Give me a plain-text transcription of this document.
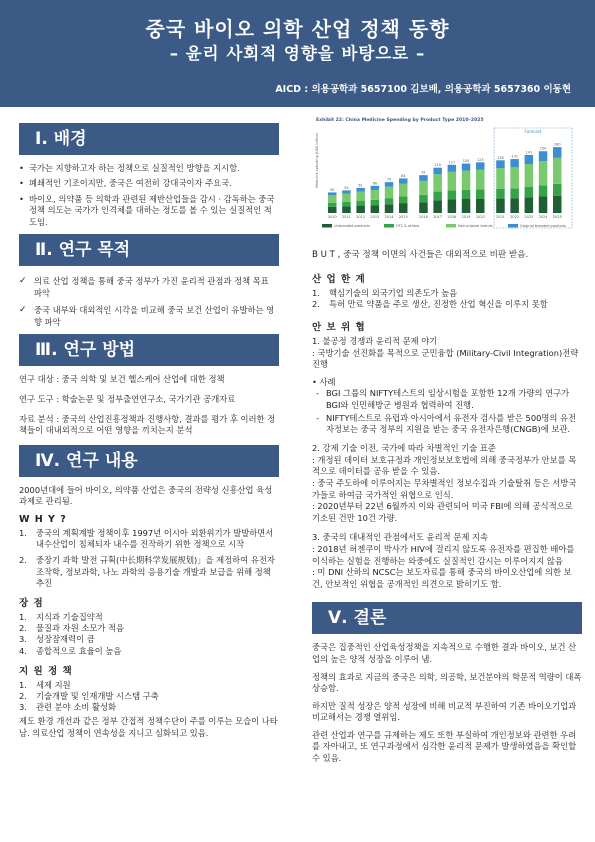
중국 바이오 의학 산업 정책 동향
– 윤리 사회적 영향을 바탕으로 –
AICD : 의용공학과 5657100 김보배, 의용공학과 5657360 이동현
Ⅰ. 배경
• 국가는 지향하고자 하는 정책으로 실질적인 방향을 지시함.
• 폐쇄적인 기조이지만, 중국은 여전히 강대국이자 주요국.
• 바이오, 의약품 등 의학과 관련된 제반산업들을 감시 · 감독하는 중국 정책 의도는 국가가 인격체를 대하는 정도를 볼 수 있는 실질적인 척도임.
Ⅱ. 연구 목적
✓ 의료 산업 정책을 통해 중국 정부가 가진 윤리적 관점과 정책 목표 파악
✓ 중국 내부와 대외적인 시각을 비교해 중국 보건 산업이 유발하는 영향 파악
Ⅲ. 연구 방법
연구 대상 : 중국 의학 및 보건 헬스케어 산업에 대한 정책
연구 도구 : 학술논문 및 정부출연연구소, 국가기관 공개자료
자료 분석 : 중국의 산업진흥정책과 진행사항, 결과를 평가 후 이러한 정책들이 대내외적으로 어떤 영향을 끼치는지 분석
Ⅳ. 연구 내용
2000년대에 들어 바이오, 의약품 산업은 중국의 전략성 신흥산업 육성 과제로 관리됨.
W H Y ?
1. 중국의 계획계발 정책이후 1997년 이시아 외환위기가 발발하면서 내수산업이 침체되자 내수를 진작하기 위한 정책으로 시작
2. 중장기 과학 발전 규획(中长期科学发展规划)」을 제정하여 유전자 조작학, 정보과학, 나노 과학의 응용기술 개발과 보급을 위해 정책 추진
장 점
1. 지식과 기술집약적
2. 물질과 자원 소모가 적음
3. 성장잠재력이 큼
4. 종합적으로 효율이 높음
지 원 정 책
1. 세제 지원
2. 기술개발 및 인재개발 시스템 구축
3. 관련 분야 소비 활성화
제도 환경 개선과 같은 정부 간접적 정책수단이 주를 이루는 모습이 나타남. 의료산업 정책이 연속성을 지니고 심화되고 있음.
Exhibit 22: China Medicine Spending by Product Type 2010–2025
50
2010
55
2011
61
2012
66
2013
75
2014
84
2015
92
2016
110
2017
117
2018
120
2019
123
2020
128
2021
131
2022
141
2023
150
2024
160
2025
Medicine spending (US$ billion)
Forecast
Unbranded products	OTC & others	Non-original brands	Original branded products
B U T , 중국 정책 이면의 사건들은 대외적으로 비판 받음.
산 업 한 계
1. 핵심기술의 외국기업 의존도가 높음
2. 특허 만료 약품을 주로 생산, 진정한 산업 혁신을 이루지 못함
안 보 위 협
1. 불공정 경쟁과 윤리적 문제 야기
: 국방기술 선진화를 목적으로 군민융합 (Military-Civil Integration)전략 진행
• 사례
- BGI 그룹의 NIFTY테스트의 임상시험을 포함한 12개 가량의 연구가 BGI와 인민해방군 병원과 협력하여 진행.
- NIFTY테스트로 유럽과 아시아에서 유전자 검사를 받은 500명의 유전자정보는 중국 정부의 지원을 받는 중국 유전자은행(CNGB)에 보관.
2. 강제 기술 이전, 국가에 따라 차별적인 기술 표준
: 개정된 데이터 보호규정과 개인정보보호법에 의해 중국정부가 안보를 목적으로 데이터를 공유 받을 수 있음.
: 중국 주도하에 이루어지는 무차별적인 정보수집과 기술탈취 등은 서방국가들로 하여금 국가적인 위협으로 인식.
: 2020년부터 22년 6월까지 이와 관련되어 미국 FBI에 의해 공식적으로 기소된 건만 10건 가량.
3. 중국의 대내적인 관점에서도 윤리적 문제 지속
: 2018년 허젠쿠이 박사가 HIV에 걸리지 않도록 유전자를 편집한 배아를 이식하는 실험을 진행하는 와중에도 실질적인 감시는 이루어지지 않음
: 미 DNI 산하의 NCSC는 보도자료를 통해 중국의 바이오산업에 의한 보건, 안보적인 위협을 공개적인 의견으로 밝히기도 함.
Ⅴ. 결론
중국은 집중적인 산업육성정책을 지속적으로 수행한 결과 바이오, 보건 산업의 높은 양적 성장을 이루어 냄.
정책의 효과로 지금의 중국은 의학, 의공학, 보건분야의 학문적 역량이 대폭 상승함.
하지만 질적 성장은 양적 성장에 비해 비교적 부진하여 기존 바이오기업과 비교해서는 경쟁 열위임.
관련 산업과 연구를 규제하는 제도 또한 부실하여 개인정보와 관련한 우려를 자아내고, 또 연구과정에서 심각한 윤리적 문제가 발생하였음을 확인할 수 있음.
